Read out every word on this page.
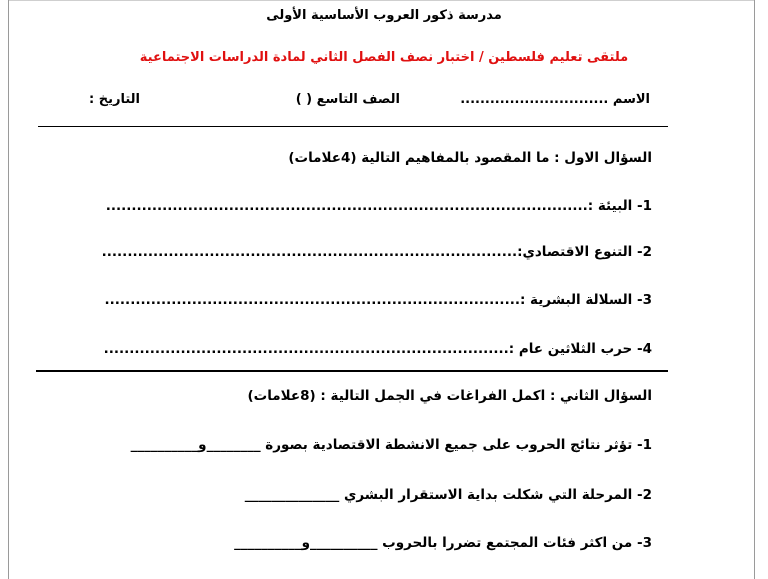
مدرسة ذكور العروب الأساسية الأولى
ملتقى تعليم فلسطين / اختبار نصف الفصل الثاني لمادة الدراسات الاجتماعية
الاسم ..............................
الصف التاسع ( )
التاريخ :
السؤال الاول : ما المقصود بالمفاهيم التالية (4علامات)
1- البيئة :..............................................................................................
2- التنوع الاقتصادي:.................................................................................
3- السلالة البشرية :.................................................................................
4- حرب الثلاثين عام :...............................................................................
السؤال الثاني : اكمل الفراغات في الجمل التالية : (8علامات)
1- تؤثر نتائج الحروب على جميع الانشطة الاقتصادية بصورة ________و__________
2- المرحلة التي شكلت بداية الاستقرار البشري ______________
3- من اكثر فئات المجتمع تضررا بالحروب __________و__________
